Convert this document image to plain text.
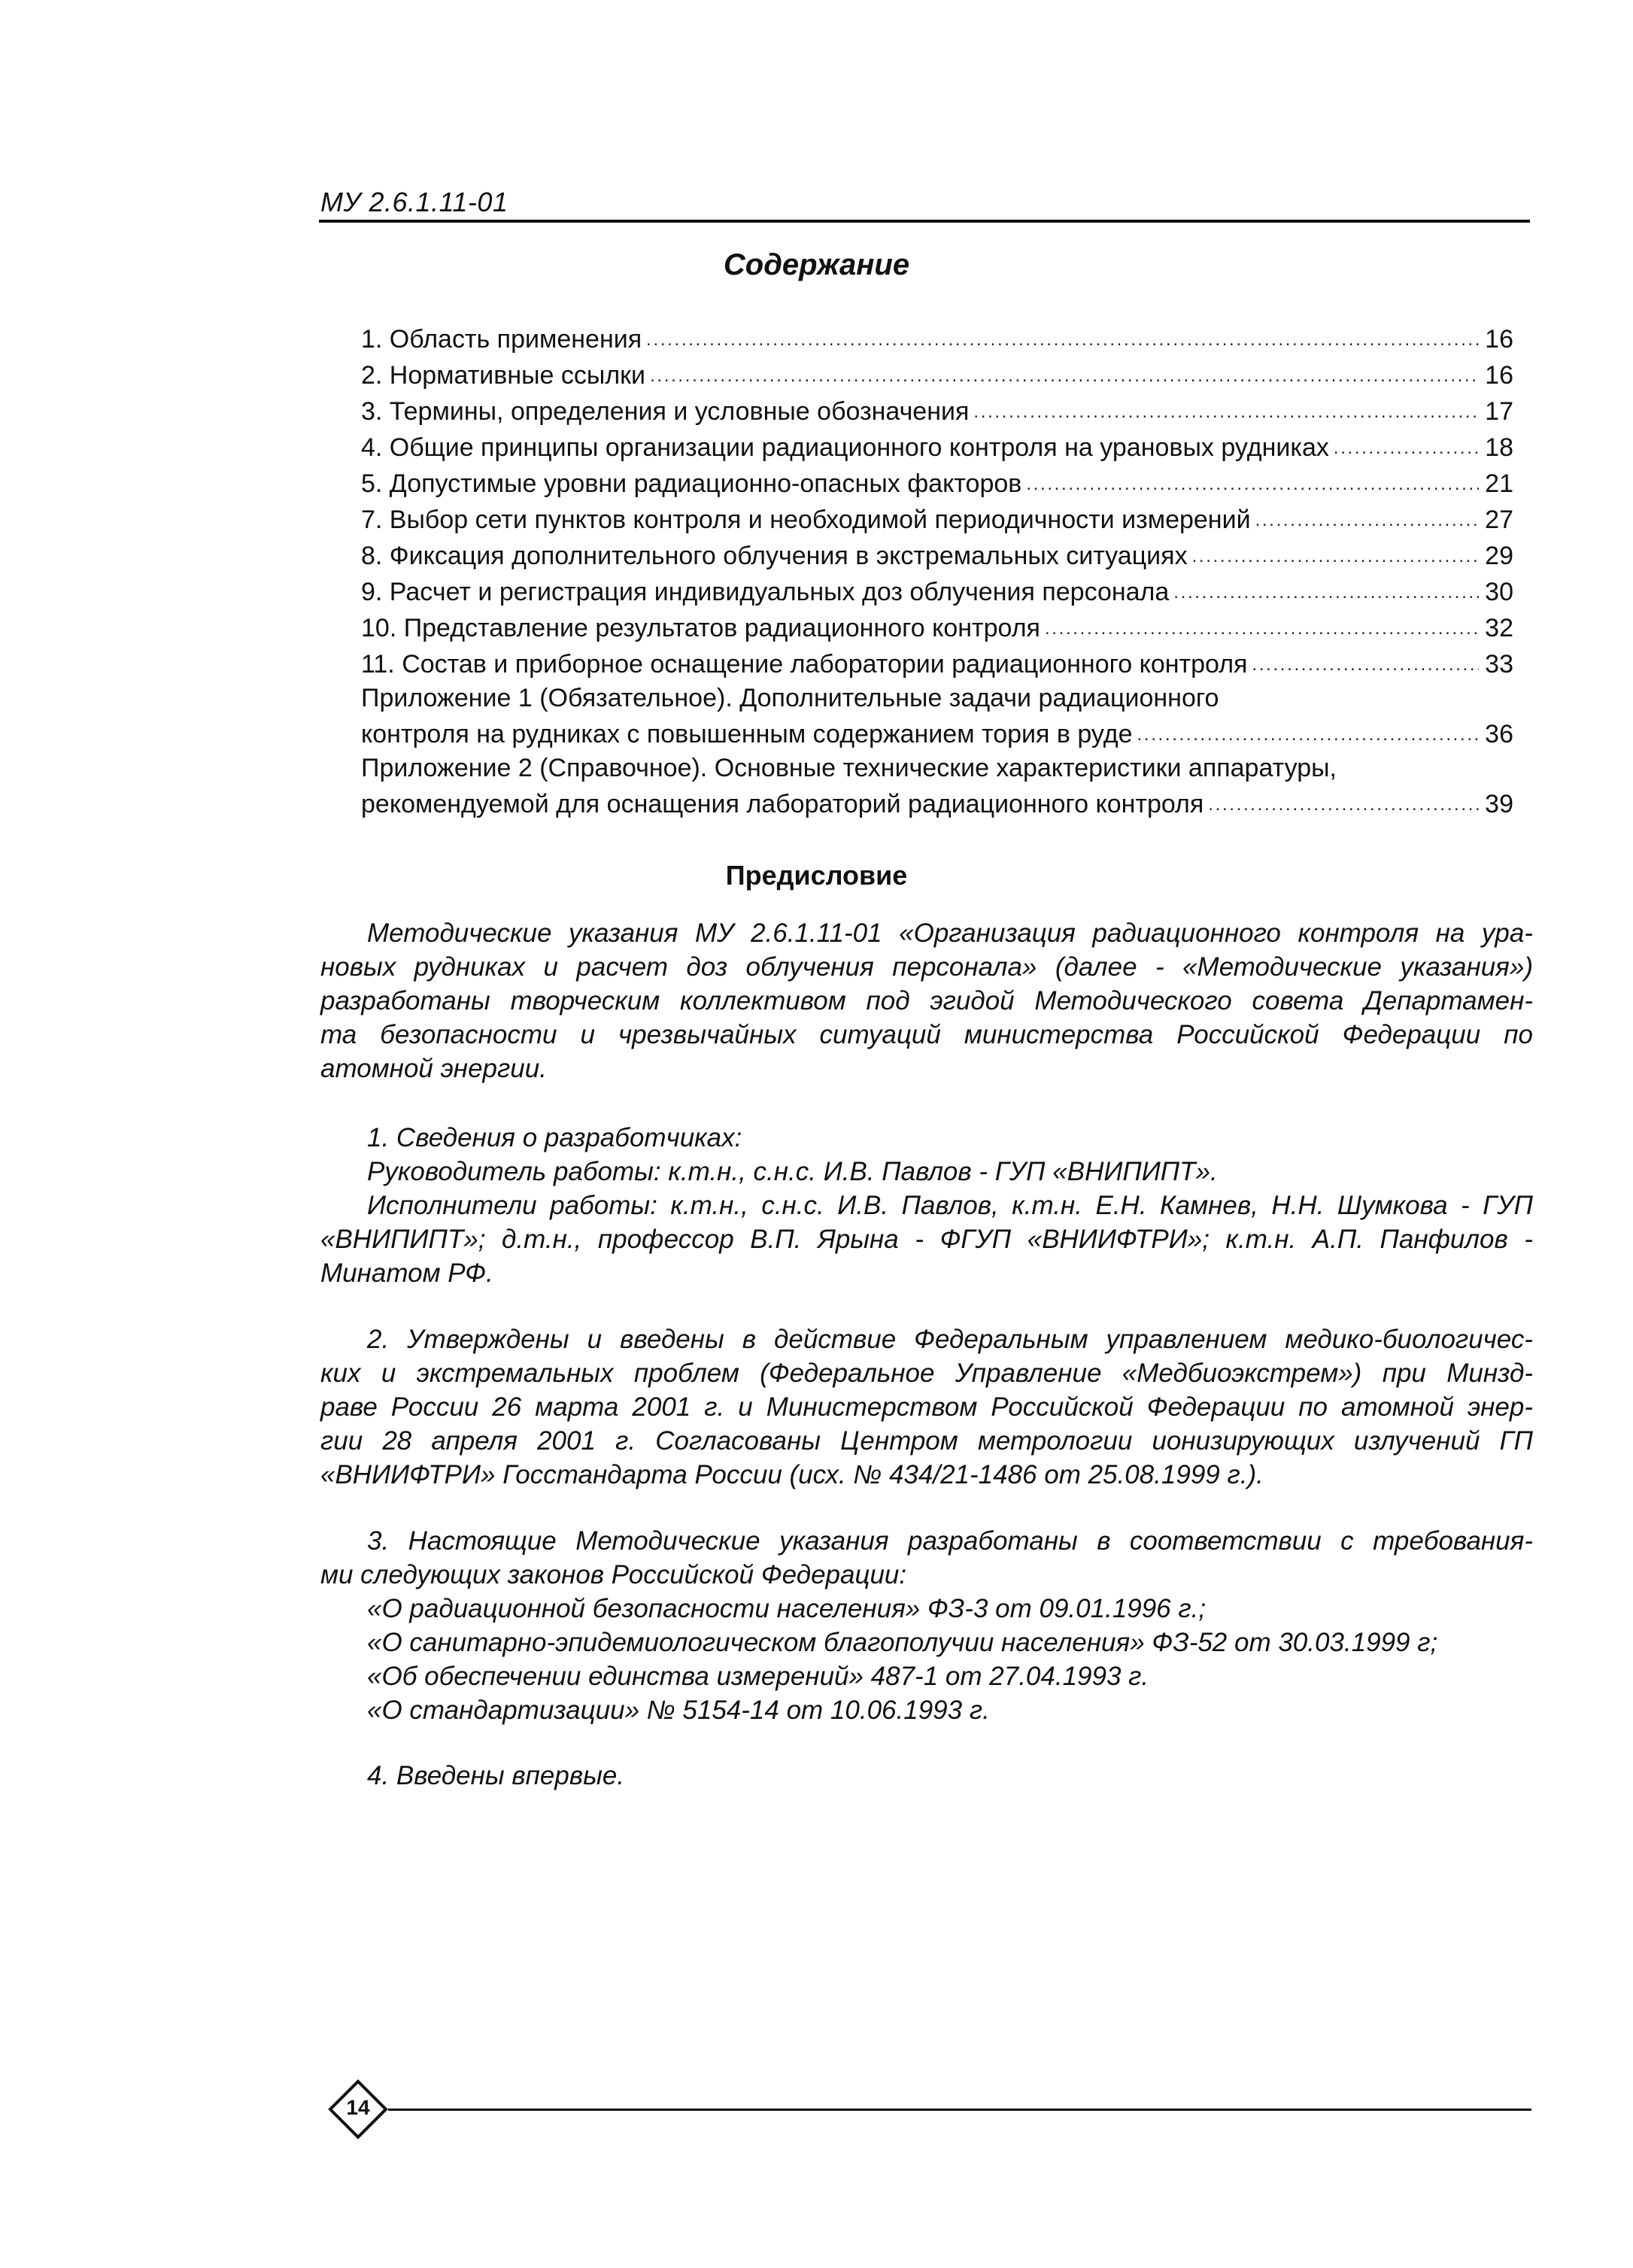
МУ 2.6.1.11-01
Содержание
1. Область применения . . .	16
2. Нормативные ссылки . . .	16
3. Термины, определения и условные обозначения . . .	17
4. Общие принципы организации радиационного контроля на урановых рудниках . . .	18
5. Допустимые уровни радиационно-опасных факторов . . .	21
7. Выбор сети пунктов контроля и необходимой периодичности измерений . . .	27
8. Фиксация дополнительного облучения в экстремальных ситуациях . . .	29
9. Расчет и регистрация индивидуальных доз облучения персонала . . .	30
10. Представление результатов радиационного контроля . . .	32
11. Состав и приборное оснащение лаборатории радиационного контроля . . .	33
Приложение 1 (Обязательное). Дополнительные задачи радиационного
контроля на рудниках с повышенным содержанием тория в руде . . .	36
Приложение 2 (Справочное). Основные технические характеристики аппаратуры,
рекомендуемой для оснащения лабораторий радиационного контроля . . .	39
Предисловие
Методические указания МУ 2.6.1.11-01 «Организация радиационного контроля на ура-
новых рудниках и расчет доз облучения персонала» (далее - «Методические указания»)
разработаны творческим коллективом под эгидой Методического совета Департамен-
та безопасности и чрезвычайных ситуаций министерства Российской Федерации по
атомной энергии.
1. Сведения о разработчиках:
Руководитель работы: к.т.н., с.н.с. И.В. Павлов - ГУП «ВНИПИПТ».
Исполнители работы: к.т.н., с.н.с. И.В. Павлов, к.т.н. Е.Н. Камнев, Н.Н. Шумкова - ГУП
«ВНИПИПТ»; д.т.н., профессор В.П. Ярына - ФГУП «ВНИИФТРИ»; к.т.н. А.П. Панфилов -
Минатом РФ.
2. Утверждены и введены в действие Федеральным управлением медико-биологичес-
ких и экстремальных проблем (Федеральное Управление «Медбиоэкстрем») при Минзд-
раве России 26 марта 2001 г. и Министерством Российской Федерации по атомной энер-
гии 28 апреля 2001 г. Согласованы Центром метрологии ионизирующих излучений ГП
«ВНИИФТРИ» Госстандарта России (исх. № 434/21-1486 от 25.08.1999 г.).
3. Настоящие Методические указания разработаны в соответствии с требования-
ми следующих законов Российской Федерации:
«О радиационной безопасности населения» ФЗ-3 от 09.01.1996 г.;
«О санитарно-эпидемиологическом благополучии населения» ФЗ-52 от 30.03.1999 г;
«Об обеспечении единства измерений» 487-1 от 27.04.1993 г.
«О стандартизации» № 5154-14 от 10.06.1993 г.
4. Введены впервые.
14
